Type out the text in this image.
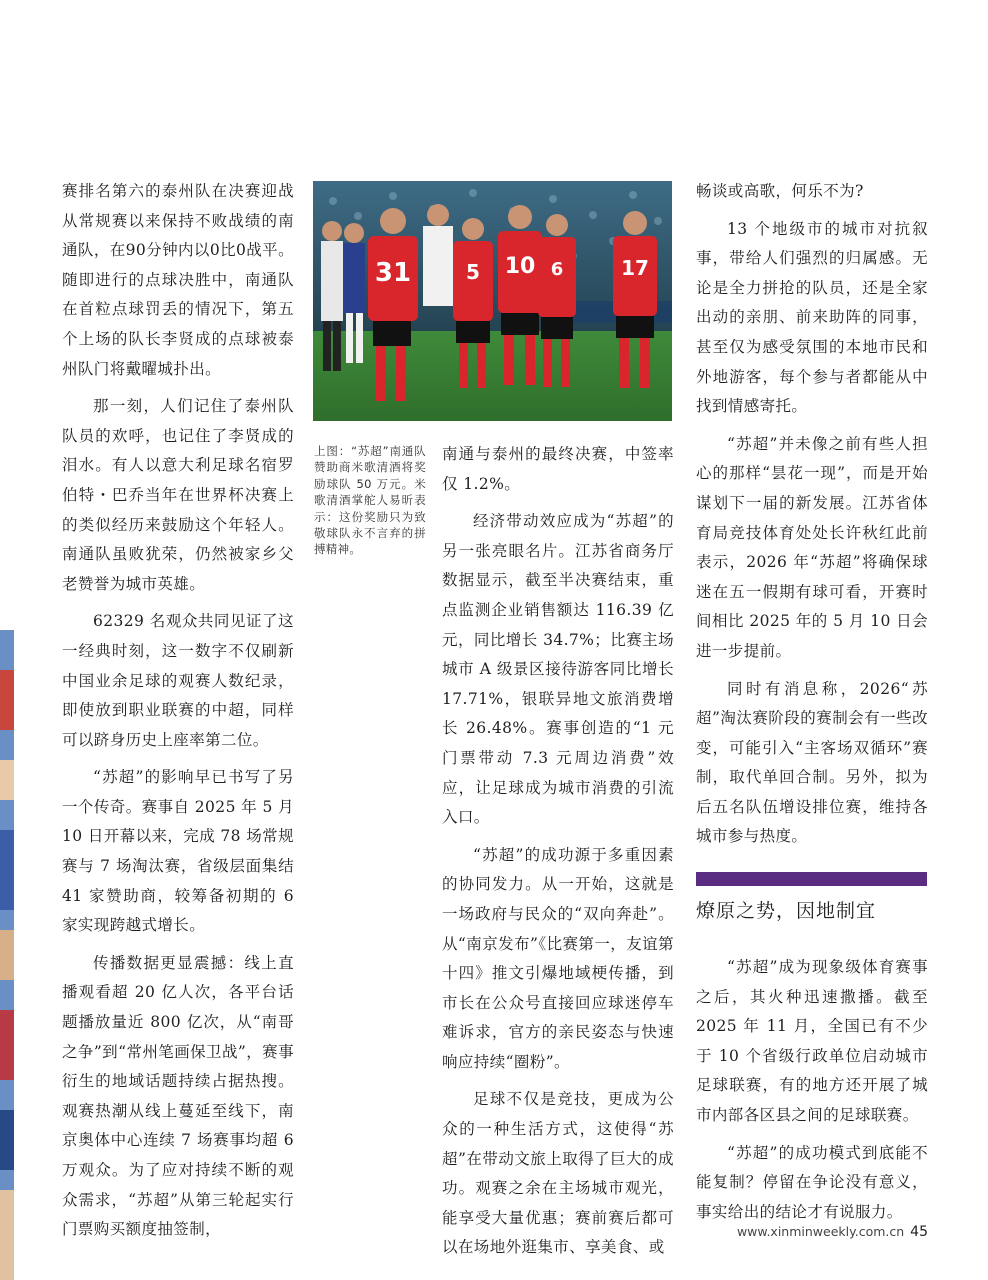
赛排名第六的泰州队在决赛迎战从常规赛以来保持不败战绩的南通队，在90分钟内以0比0战平。随即进行的点球决胜中，南通队在首粒点球罚丢的情况下，第五个上场的队长李贤成的点球被泰州队门将戴曜城扑出。

那一刻，人们记住了泰州队队员的欢呼，也记住了李贤成的泪水。有人以意大利足球名宿罗伯特・巴乔当年在世界杯决赛上的类似经历来鼓励这个年轻人。南通队虽败犹荣，仍然被家乡父老赞誉为城市英雄。

62329 名观众共同见证了这一经典时刻，这一数字不仅刷新中国业余足球的观赛人数纪录，即使放到职业联赛的中超，同样可以跻身历史上座率第二位。

“苏超”的影响早已书写了另一个传奇。赛事自 2025 年 5 月 10 日开幕以来，完成 78 场常规赛与 7 场淘汰赛，省级层面集结 41 家赞助商，较筹备初期的 6 家实现跨越式增长。

传播数据更显震撼：线上直播观看超 20 亿人次，各平台话题播放量近 800 亿次，从“南哥之争”到“常州笔画保卫战”，赛事衍生的地域话题持续占据热搜。观赛热潮从线上蔓延至线下，南京奥体中心连续 7 场赛事均超 6 万观众。为了应对持续不断的观众需求，“苏超”从第三轮起实行门票购买额度抽签制，

31	5 10 6	17
上图：“苏超”南通队赞助商米歌清酒将奖励球队 50 万元。米歌清酒掌舵人易昕表示：这份奖励只为致敬球队永不言弃的拼搏精神。

南通与泰州的最终决赛，中签率仅 1.2%。

经济带动效应成为“苏超”的另一张亮眼名片。江苏省商务厅数据显示，截至半决赛结束，重点监测企业销售额达 116.39 亿元，同比增长 34.7%；比赛主场城市 A 级景区接待游客同比增长 17.71%，银联异地文旅消费增长 26.48%。赛事创造的“1 元门票带动 7.3 元周边消费”效应，让足球成为城市消费的引流入口。

“苏超”的成功源于多重因素的协同发力。从一开始，这就是一场政府与民众的“双向奔赴”。从“南京发布”《比赛第一，友谊第十四》推文引爆地域梗传播，到市长在公众号直接回应球迷停车难诉求，官方的亲民姿态与快速响应持续“圈粉”。

足球不仅是竞技，更成为公众的一种生活方式，这使得“苏超”在带动文旅上取得了巨大的成功。观赛之余在主场城市观光，能享受大量优惠；赛前赛后都可以在场地外逛集市、享美食、或

畅谈或高歌，何乐不为?

13 个地级市的城市对抗叙事，带给人们强烈的归属感。无论是全力拼抢的队员，还是全家出动的亲朋、前来助阵的同事，甚至仅为感受氛围的本地市民和外地游客，每个参与者都能从中找到情感寄托。

“苏超”并未像之前有些人担心的那样“昙花一现”，而是开始谋划下一届的新发展。江苏省体育局竞技体育处处长许秋红此前表示，2026 年“苏超”将确保球迷在五一假期有球可看，开赛时间相比 2025 年的 5 月 10 日会进一步提前。

同时有消息称，2026“苏超”淘汰赛阶段的赛制会有一些改变，可能引入“主客场双循环”赛制，取代单回合制。另外，拟为后五名队伍增设排位赛，维持各城市参与热度。

燎原之势，因地制宜

“苏超”成为现象级体育赛事之后，其火种迅速撒播。截至 2025 年 11 月，全国已有不少于 10 个省级行政单位启动城市足球联赛，有的地方还开展了城市内部各区县之间的足球联赛。

“苏超”的成功模式到底能不能复制？停留在争论没有意义，事实给出的结论才有说服力。

www.xinminweekly.com.cn 45
